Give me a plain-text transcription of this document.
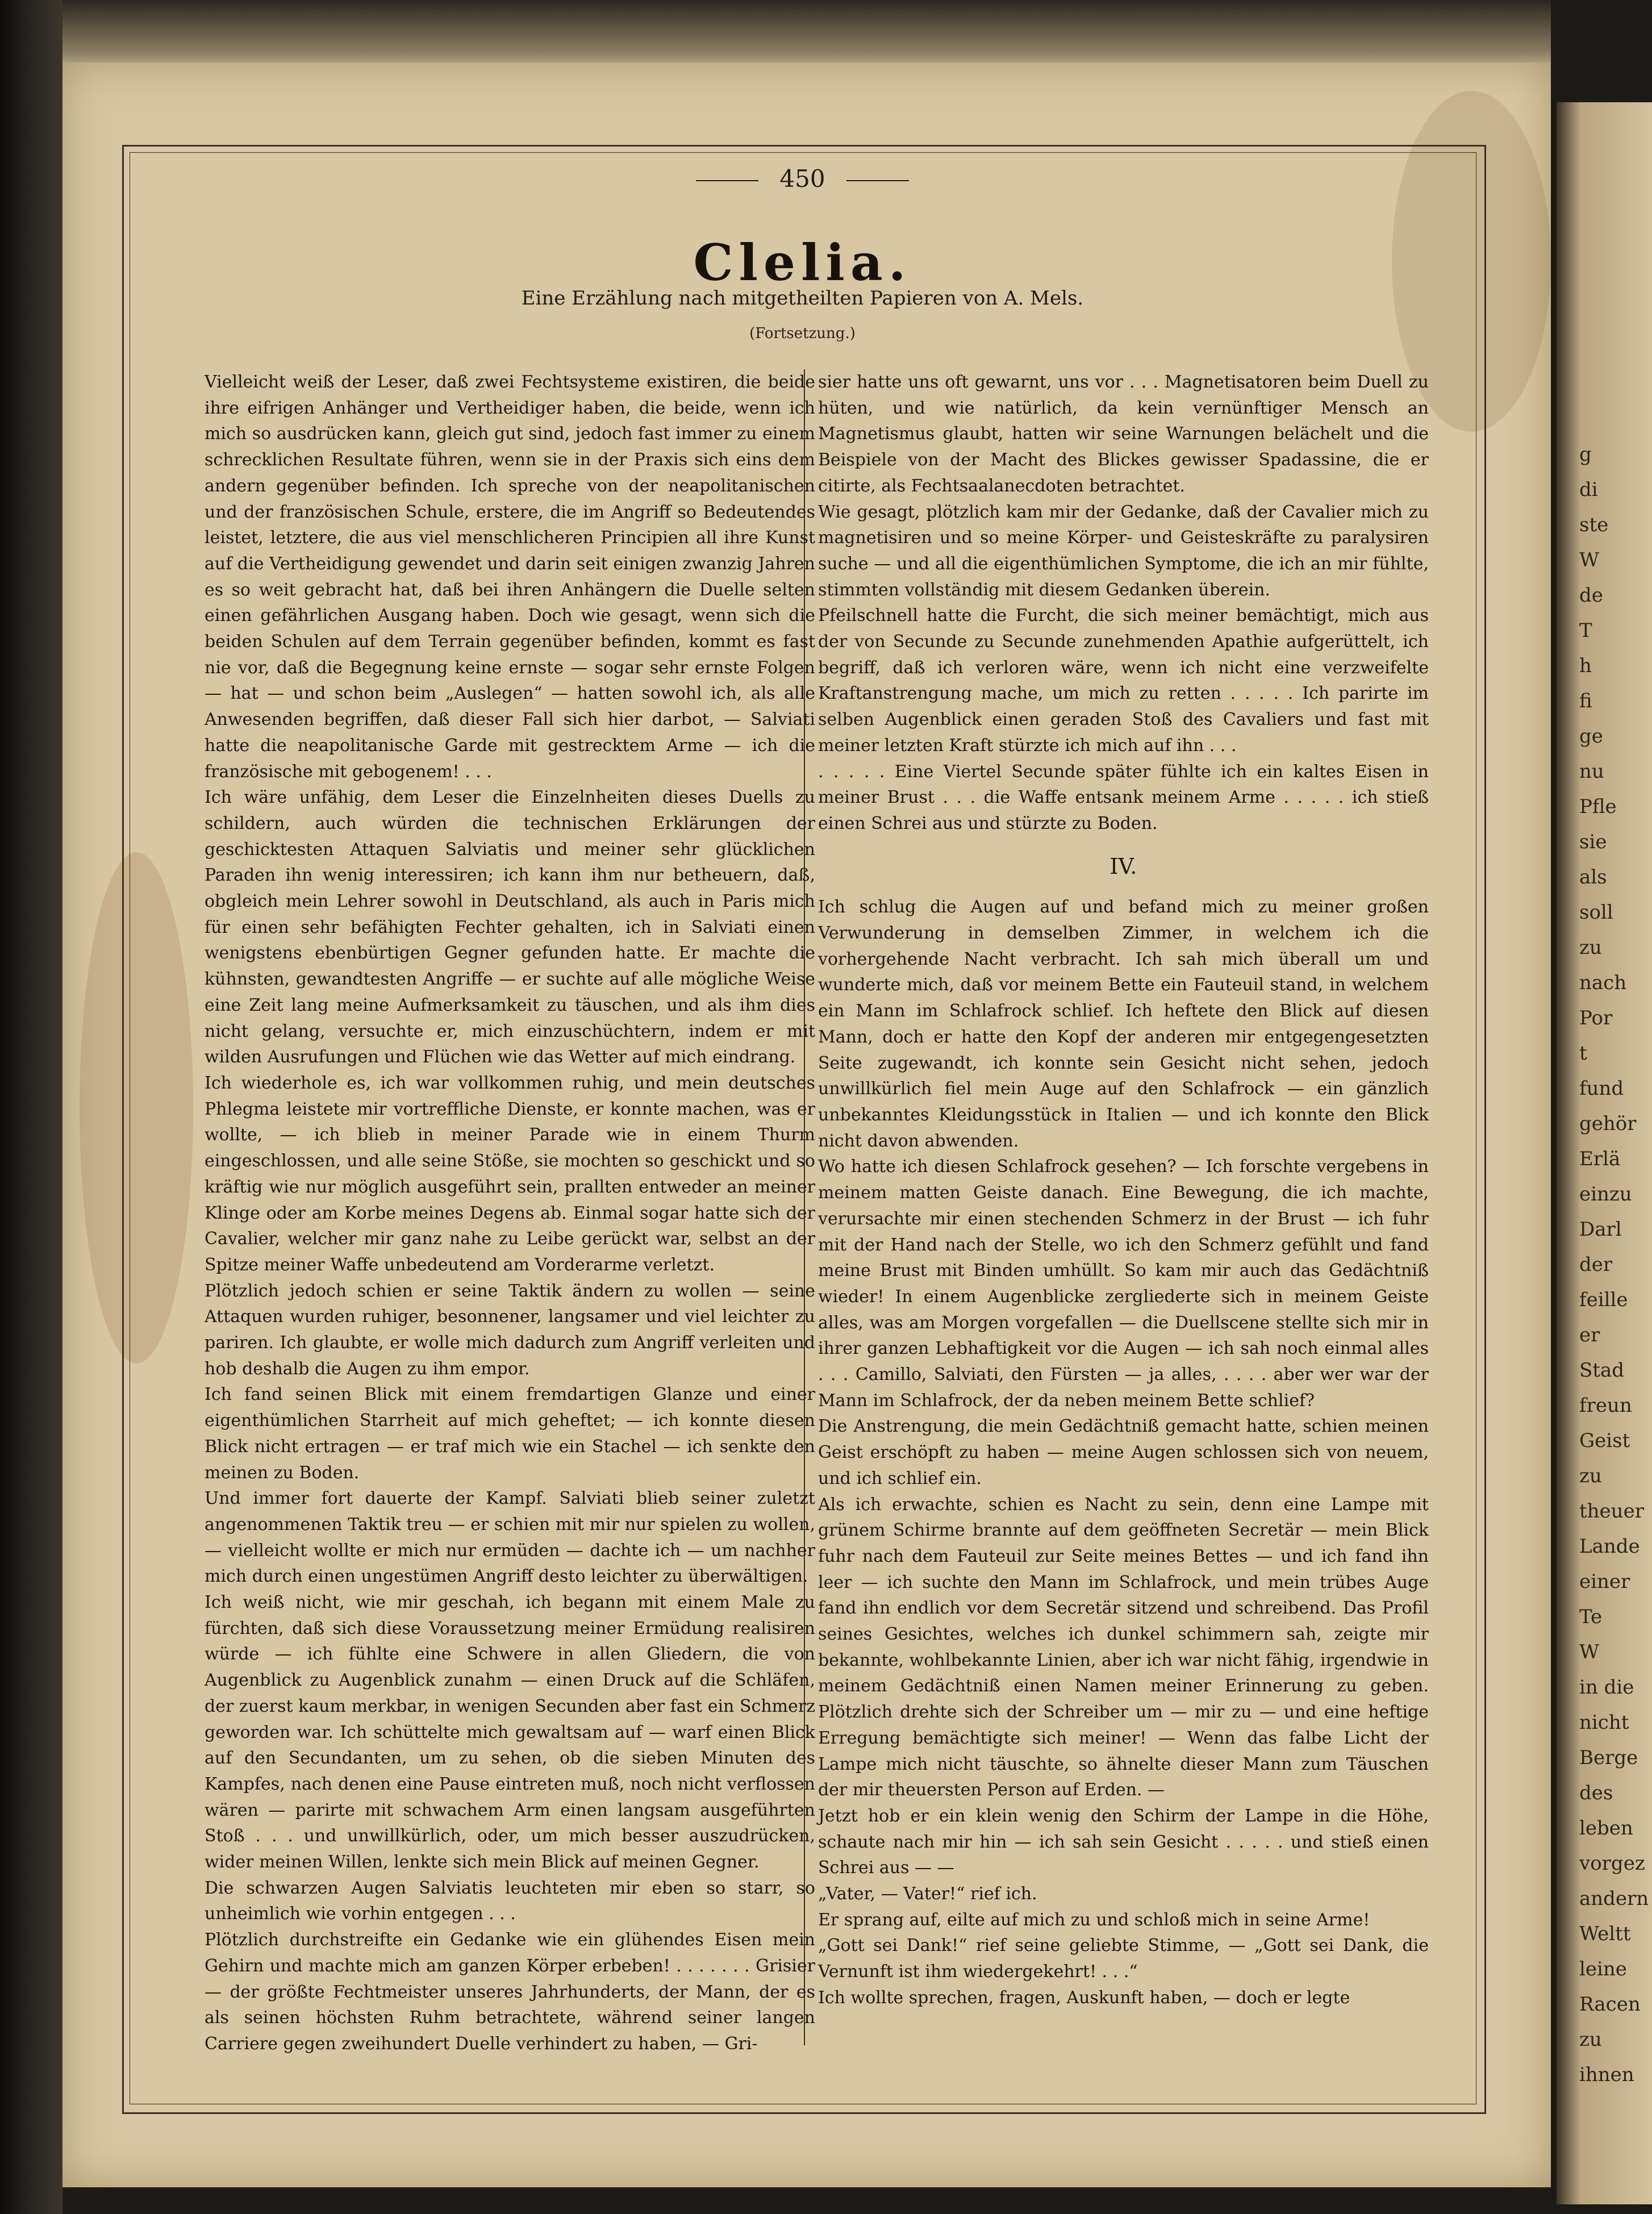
g
di
ste
W
de
T
h
fi
ge
nu
Pfle
sie
als
soll
zu
nach
Por
t
fund
gehör
Erlä
einzu
Darl
der
feille
er
Stad
freun
Geist
zu
theuer
Lande
einer
Te
W
in die
nicht
Berge
des
leben
vorgez
andern
Weltt
leine
Racen
zu
ihnen
450
Clelia.
Eine Erzählung nach mitgetheilten Papieren von A. Mels.
(Fortsetzung.)

Vielleicht weiß der Leser, daß zwei Fechtsysteme existiren, die beide ihre eifrigen Anhänger und Vertheidiger haben, die beide, wenn ich mich so ausdrücken kann, gleich gut sind, jedoch fast immer zu einem schrecklichen Resultate führen, wenn sie in der Praxis sich eins dem andern gegenüber befinden. Ich spreche von der neapolitanischen und der französischen Schule, erstere, die im Angriff so Bedeutendes leistet, letztere, die aus viel menschlicheren Principien all ihre Kunst auf die Vertheidigung gewendet und darin seit einigen zwanzig Jahren es so weit gebracht hat, daß bei ihren Anhängern die Duelle selten einen gefährlichen Ausgang haben. Doch wie gesagt, wenn sich die beiden Schulen auf dem Terrain gegenüber befinden, kommt es fast nie vor, daß die Begegnung keine ernste — sogar sehr ernste Folgen — hat — und schon beim „Auslegen“ — hatten sowohl ich, als alle Anwesenden begriffen, daß dieser Fall sich hier darbot, — Salviati hatte die neapolitanische Garde mit gestrecktem Arme — ich die französische mit gebogenem! . . .

Ich wäre unfähig, dem Leser die Einzelnheiten dieses Duells zu schildern, auch würden die technischen Erklärungen der geschicktesten Attaquen Salviatis und meiner sehr glücklichen Paraden ihn wenig interessiren; ich kann ihm nur betheuern, daß, obgleich mein Lehrer sowohl in Deutschland, als auch in Paris mich für einen sehr befähigten Fechter gehalten, ich in Salviati einen wenigstens ebenbürtigen Gegner gefunden hatte. Er machte die kühnsten, gewandtesten Angriffe — er suchte auf alle mögliche Weise eine Zeit lang meine Aufmerksamkeit zu täuschen, und als ihm dies nicht gelang, versuchte er, mich einzuschüchtern, indem er mit wilden Ausrufungen und Flüchen wie das Wetter auf mich eindrang.

Ich wiederhole es, ich war vollkommen ruhig, und mein deutsches Phlegma leistete mir vortreffliche Dienste, er konnte machen, was er wollte, — ich blieb in meiner Parade wie in einem Thurm eingeschlossen, und alle seine Stöße, sie mochten so geschickt und so kräftig wie nur möglich ausgeführt sein, prallten entweder an meiner Klinge oder am Korbe meines Degens ab. Einmal sogar hatte sich der Cavalier, welcher mir ganz nahe zu Leibe gerückt war, selbst an der Spitze meiner Waffe unbedeutend am Vorderarme verletzt.

Plötzlich jedoch schien er seine Taktik ändern zu wollen — seine Attaquen wurden ruhiger, besonnener, langsamer und viel leichter zu pariren. Ich glaubte, er wolle mich dadurch zum Angriff verleiten und hob deshalb die Augen zu ihm empor.

Ich fand seinen Blick mit einem fremdartigen Glanze und einer eigenthümlichen Starrheit auf mich geheftet; — ich konnte diesen Blick nicht ertragen — er traf mich wie ein Stachel — ich senkte den meinen zu Boden.

Und immer fort dauerte der Kampf. Salviati blieb seiner zuletzt angenommenen Taktik treu — er schien mit mir nur spielen zu wollen, — vielleicht wollte er mich nur ermüden — dachte ich — um nachher mich durch einen ungestümen Angriff desto leichter zu überwältigen.

Ich weiß nicht, wie mir geschah, ich begann mit einem Male zu fürchten, daß sich diese Voraussetzung meiner Ermüdung realisiren würde — ich fühlte eine Schwere in allen Gliedern, die von Augenblick zu Augenblick zunahm — einen Druck auf die Schläfen, der zuerst kaum merkbar, in wenigen Secunden aber fast ein Schmerz geworden war. Ich schüttelte mich gewaltsam auf — warf einen Blick auf den Secundanten, um zu sehen, ob die sieben Minuten des Kampfes, nach denen eine Pause eintreten muß, noch nicht verflossen wären — parirte mit schwachem Arm einen langsam ausgeführten Stoß . . . und unwillkürlich, oder, um mich besser auszudrücken, wider meinen Willen, lenkte sich mein Blick auf meinen Gegner.

Die schwarzen Augen Salviatis leuchteten mir eben so starr, so unheimlich wie vorhin entgegen . . .

Plötzlich durchstreifte ein Gedanke wie ein glühendes Eisen mein Gehirn und machte mich am ganzen Körper erbeben! . . . . . . . Grisier — der größte Fechtmeister unseres Jahrhunderts, der Mann, der es als seinen höchsten Ruhm betrachtete, während seiner langen Carriere gegen zweihundert Duelle verhindert zu haben, — Gri-

sier hatte uns oft gewarnt, uns vor . . . Magnetisatoren beim Duell zu hüten, und wie natürlich, da kein vernünftiger Mensch an Magnetismus glaubt, hatten wir seine Warnungen belächelt und die Beispiele von der Macht des Blickes gewisser Spadassine, die er citirte, als Fechtsaalanecdoten betrachtet.

Wie gesagt, plötzlich kam mir der Gedanke, daß der Cavalier mich zu magnetisiren und so meine Körper- und Geisteskräfte zu paralysiren suche — und all die eigenthümlichen Symptome, die ich an mir fühlte, stimmten vollständig mit diesem Gedanken überein.

Pfeilschnell hatte die Furcht, die sich meiner bemächtigt, mich aus der von Secunde zu Secunde zunehmenden Apathie aufgerüttelt, ich begriff, daß ich verloren wäre, wenn ich nicht eine verzweifelte Kraftanstrengung mache, um mich zu retten . . . . . Ich parirte im selben Augenblick einen geraden Stoß des Cavaliers und fast mit meiner letzten Kraft stürzte ich mich auf ihn . . .

. . . . . Eine Viertel Secunde später fühlte ich ein kaltes Eisen in meiner Brust . . . die Waffe entsank meinem Arme . . . . . ich stieß einen Schrei aus und stürzte zu Boden.

IV.

Ich schlug die Augen auf und befand mich zu meiner großen Verwunderung in demselben Zimmer, in welchem ich die vorhergehende Nacht verbracht. Ich sah mich überall um und wunderte mich, daß vor meinem Bette ein Fauteuil stand, in welchem ein Mann im Schlafrock schlief. Ich heftete den Blick auf diesen Mann, doch er hatte den Kopf der anderen mir entgegengesetzten Seite zugewandt, ich konnte sein Gesicht nicht sehen, jedoch unwillkürlich fiel mein Auge auf den Schlafrock — ein gänzlich unbekanntes Kleidungsstück in Italien — und ich konnte den Blick nicht davon abwenden.

Wo hatte ich diesen Schlafrock gesehen? — Ich forschte vergebens in meinem matten Geiste danach. Eine Bewegung, die ich machte, verursachte mir einen stechenden Schmerz in der Brust — ich fuhr mit der Hand nach der Stelle, wo ich den Schmerz gefühlt und fand meine Brust mit Binden umhüllt. So kam mir auch das Gedächtniß wieder! In einem Augenblicke zergliederte sich in meinem Geiste alles, was am Morgen vorgefallen — die Duellscene stellte sich mir in ihrer ganzen Lebhaftigkeit vor die Augen — ich sah noch einmal alles . . . Camillo, Salviati, den Fürsten — ja alles, . . . . aber wer war der Mann im Schlafrock, der da neben meinem Bette schlief?

Die Anstrengung, die mein Gedächtniß gemacht hatte, schien meinen Geist erschöpft zu haben — meine Augen schlossen sich von neuem, und ich schlief ein.

Als ich erwachte, schien es Nacht zu sein, denn eine Lampe mit grünem Schirme brannte auf dem geöffneten Secretär — mein Blick fuhr nach dem Fauteuil zur Seite meines Bettes — und ich fand ihn leer — ich suchte den Mann im Schlafrock, und mein trübes Auge fand ihn endlich vor dem Secretär sitzend und schreibend. Das Profil seines Gesichtes, welches ich dunkel schimmern sah, zeigte mir bekannte, wohlbekannte Linien, aber ich war nicht fähig, irgendwie in meinem Gedächtniß einen Namen meiner Erinnerung zu geben. Plötzlich drehte sich der Schreiber um — mir zu — und eine heftige Erregung bemächtigte sich meiner! — Wenn das falbe Licht der Lampe mich nicht täuschte, so ähnelte dieser Mann zum Täuschen der mir theuersten Person auf Erden. —

Jetzt hob er ein klein wenig den Schirm der Lampe in die Höhe, schaute nach mir hin — ich sah sein Gesicht . . . . . und stieß einen Schrei aus — —

„Vater, — Vater!“ rief ich.

Er sprang auf, eilte auf mich zu und schloß mich in seine Arme!

„Gott sei Dank!“ rief seine geliebte Stimme, — „Gott sei Dank, die Vernunft ist ihm wiedergekehrt! . . .“

Ich wollte sprechen, fragen, Auskunft haben, — doch er legte
